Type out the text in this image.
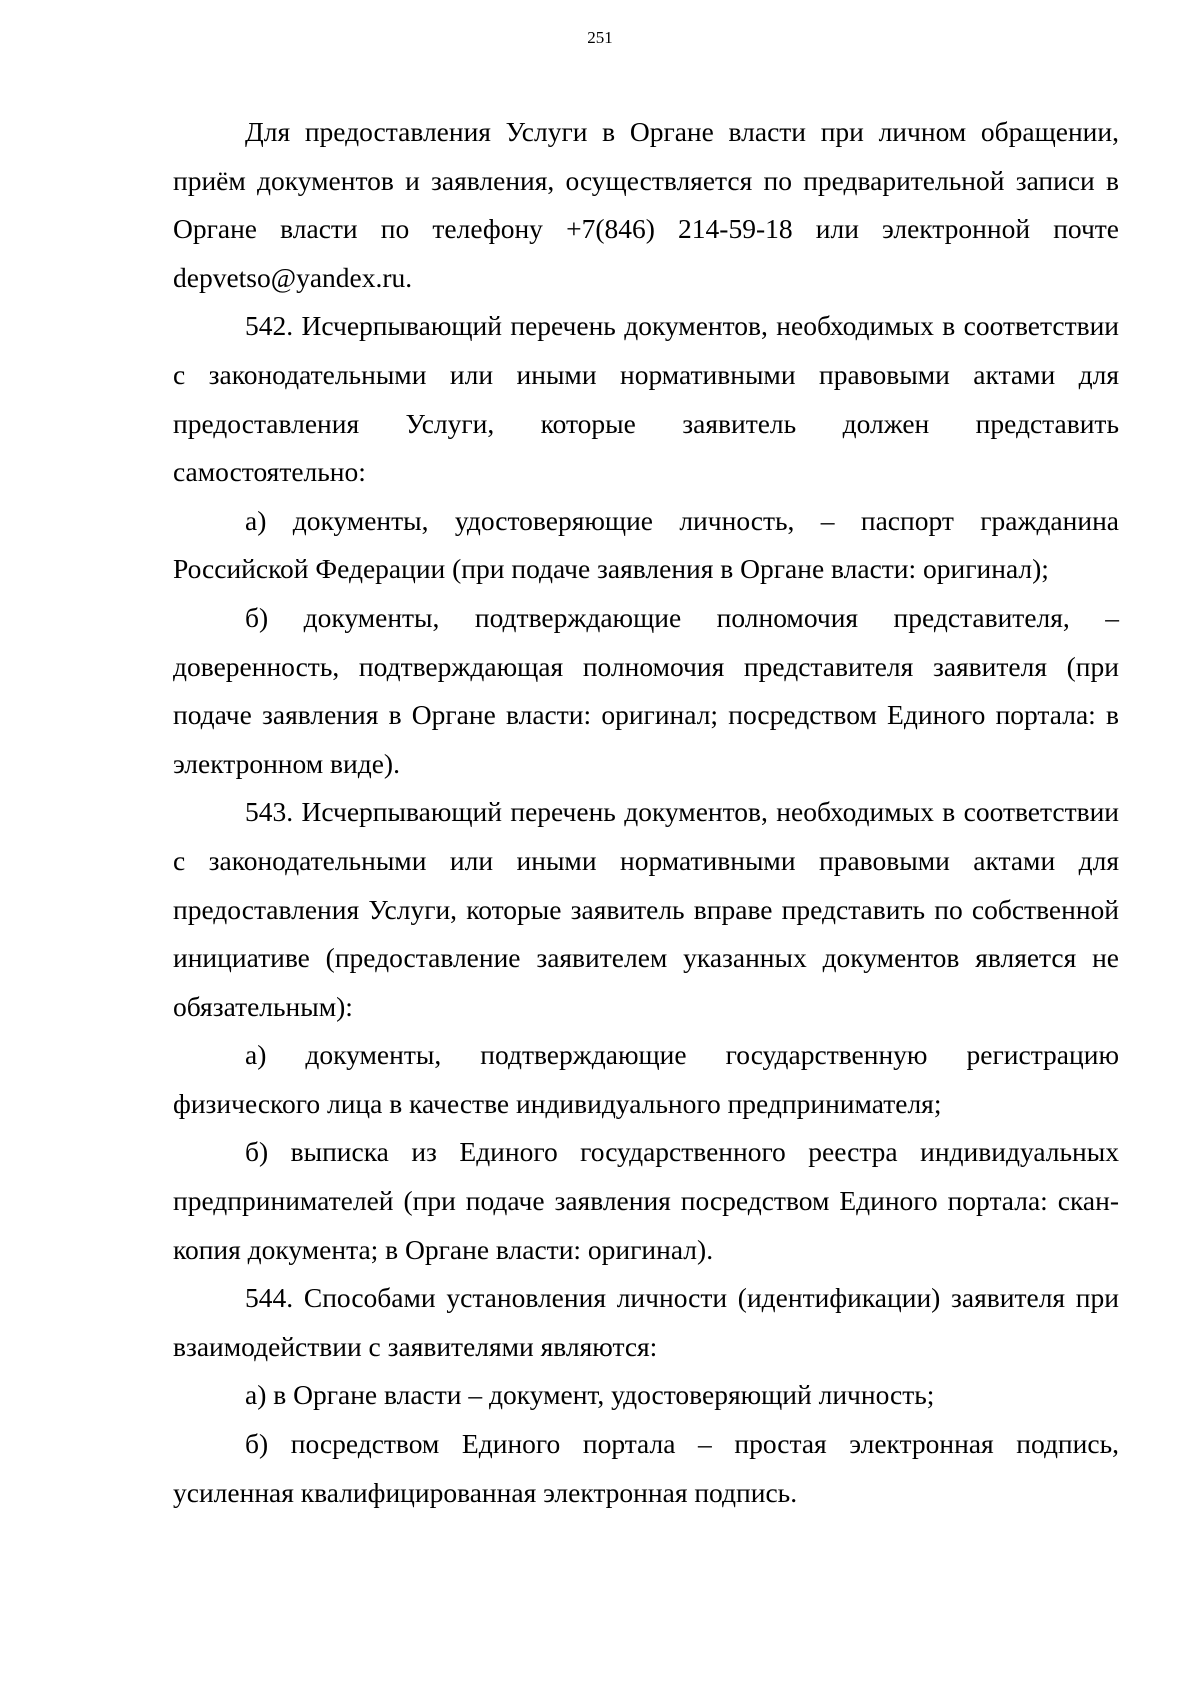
251

Для предоставления Услуги в Органе власти при личном обращении, приём документов и заявления, осуществляется по предварительной записи в Органе власти по телефону +7(846) 214-59-18 или электронной почте depvetso@yandex.ru.

542. Исчерпывающий перечень документов, необходимых в соответствии с законодательными или иными нормативными правовыми актами для предоставления Услуги, которые заявитель должен представить самостоятельно:

а) документы, удостоверяющие личность, – паспорт гражданина Российской Федерации (при подаче заявления в Органе власти: оригинал);

б) документы, подтверждающие полномочия представителя, – доверенность, подтверждающая полномочия представителя заявителя (при подаче заявления в Органе власти: оригинал; посредством Единого портала: в электронном виде).

543. Исчерпывающий перечень документов, необходимых в соответствии с законодательными или иными нормативными правовыми актами для предоставления Услуги, которые заявитель вправе представить по собственной инициативе (предоставление заявителем указанных документов является не обязательным):

а) документы, подтверждающие государственную регистрацию физического лица в качестве индивидуального предпринимателя;

б) выписка из Единого государственного реестра индивидуальных предпринимателей (при подаче заявления посредством Единого портала: скан-копия документа; в Органе власти: оригинал).

544. Способами установления личности (идентификации) заявителя при взаимодействии с заявителями являются:

а) в Органе власти – документ, удостоверяющий личность;

б) посредством Единого портала – простая электронная подпись, усиленная квалифицированная электронная подпись.
